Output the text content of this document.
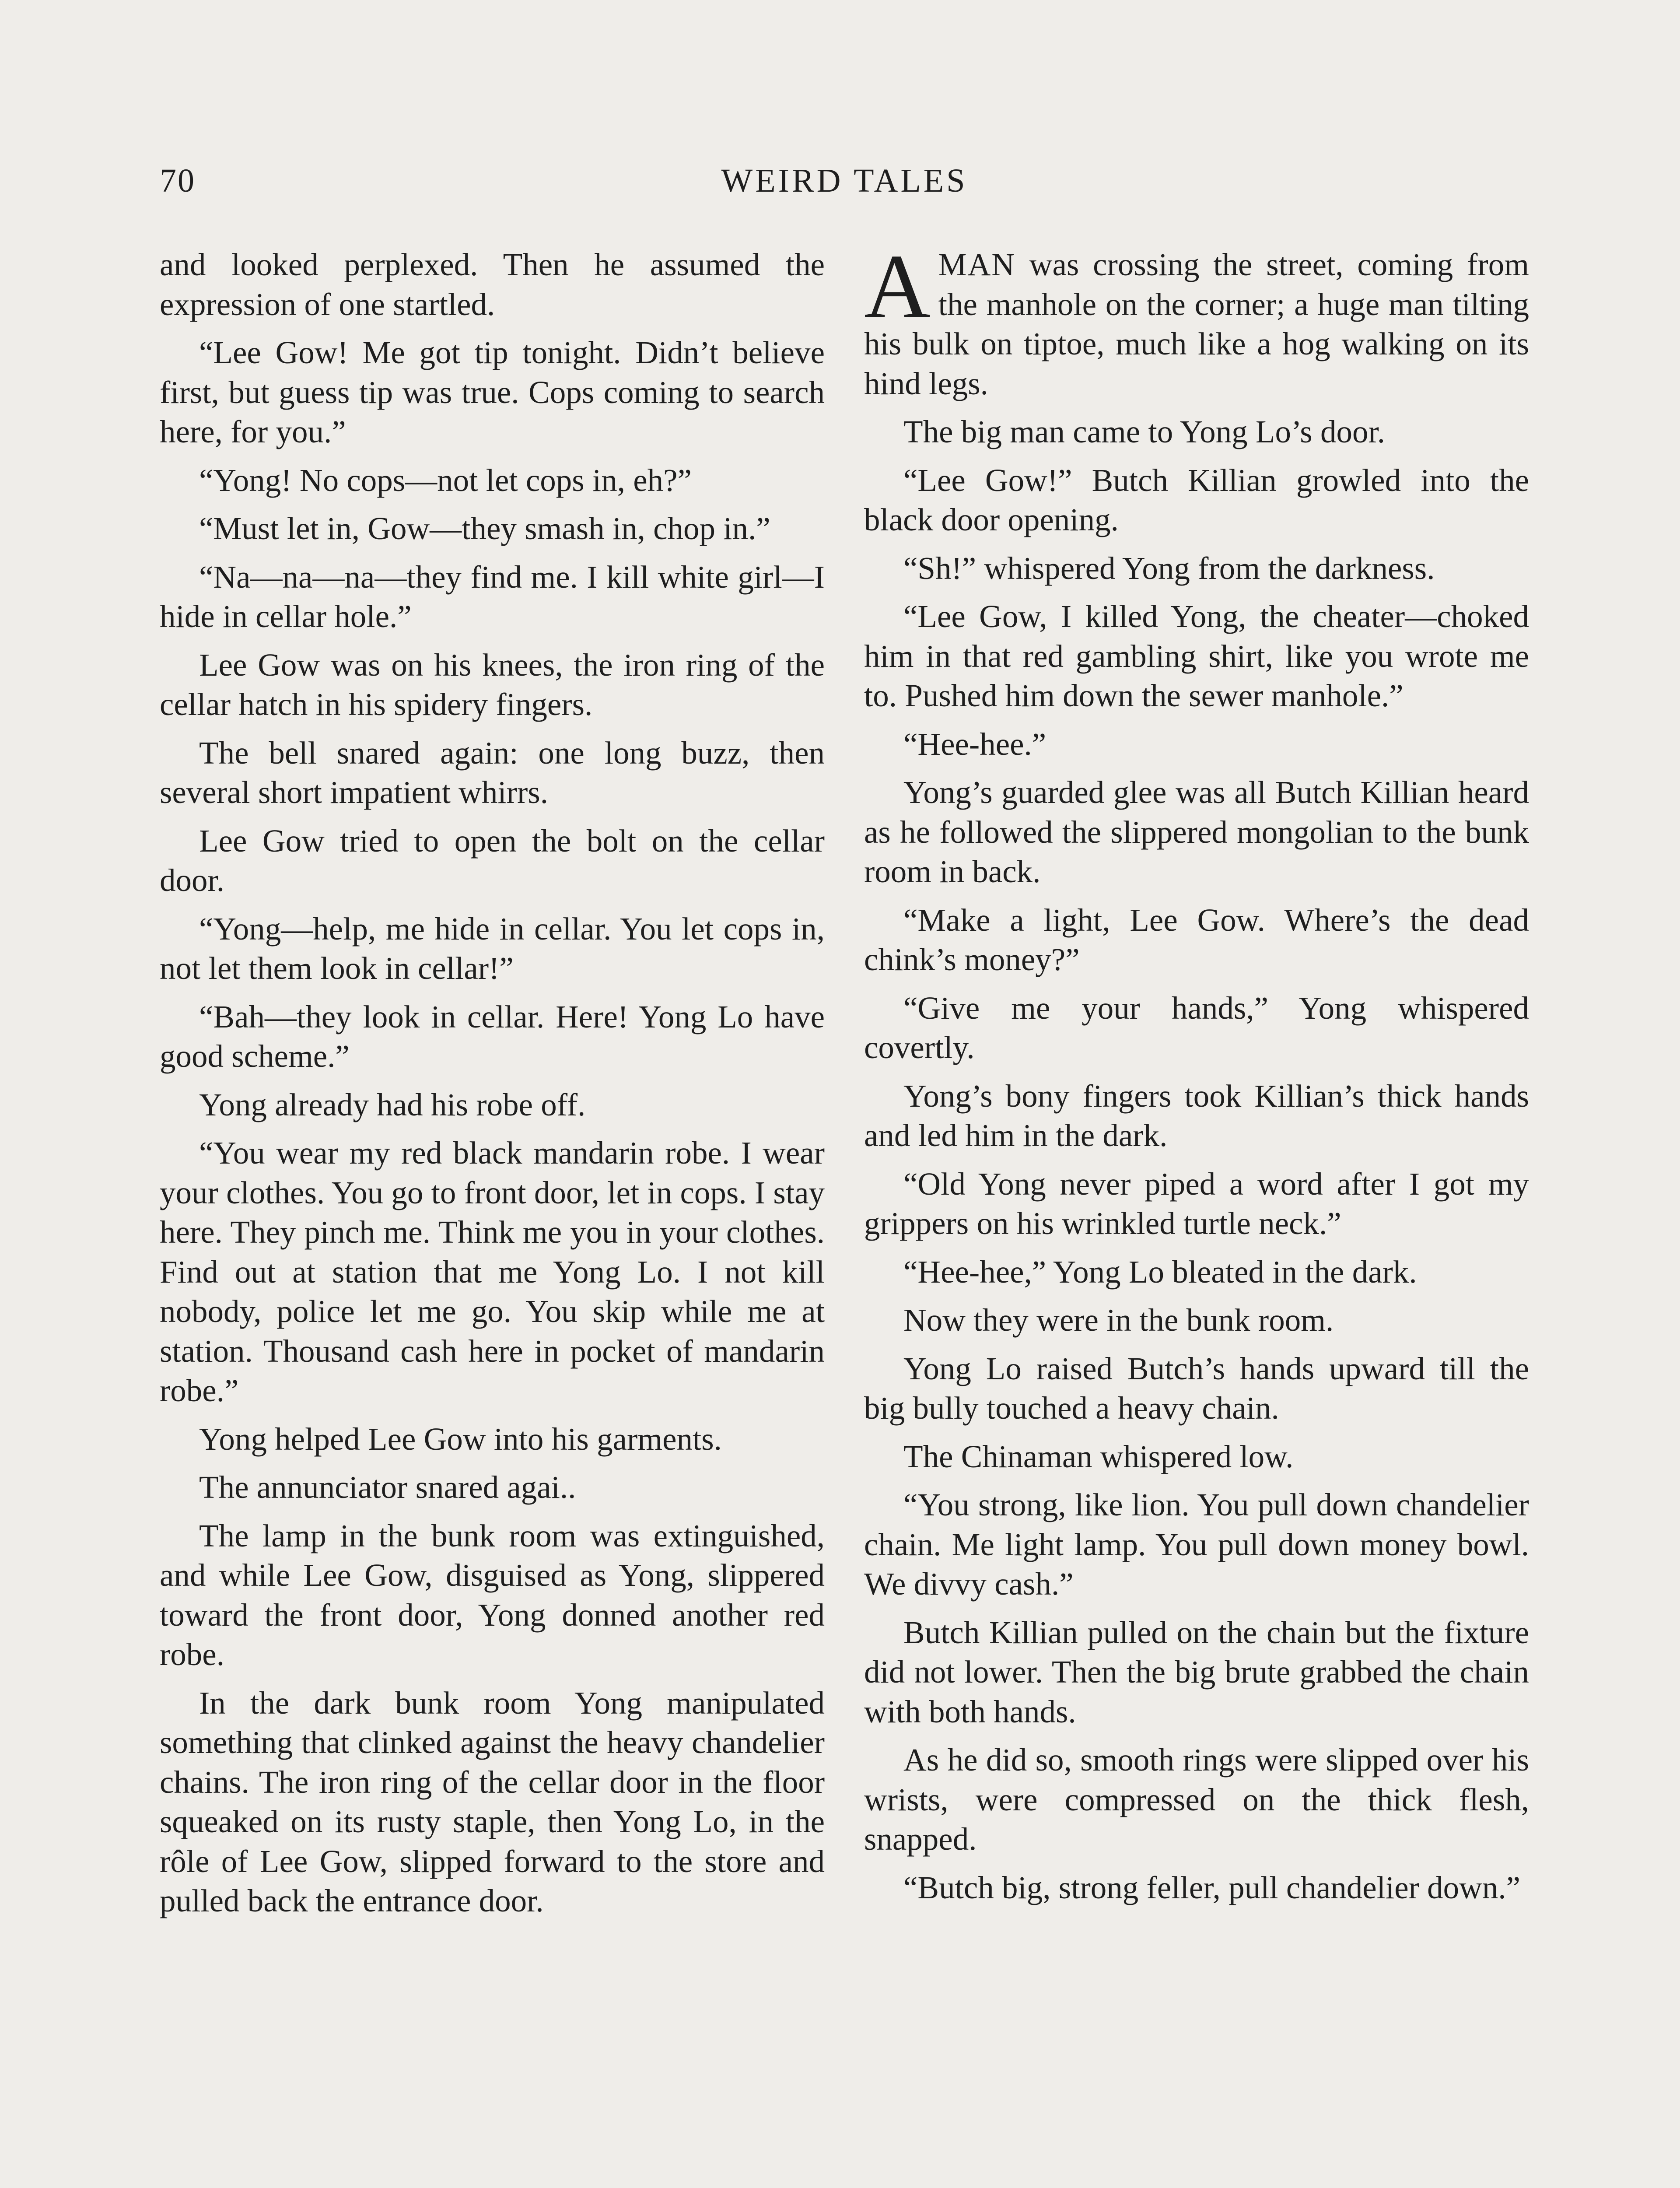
70	WEIRD TALES

and looked perplexed. Then he assumed the expression of one startled.

“Lee Gow! Me got tip tonight. Didn’t believe first, but guess tip was true. Cops coming to search here, for you.”

“Yong! No cops—not let cops in, eh?”

“Must let in, Gow—they smash in, chop in.”

“Na—na—na—they find me. I kill white girl—I hide in cellar hole.”

Lee Gow was on his knees, the iron ring of the cellar hatch in his spidery fingers.

The bell snared again: one long buzz, then several short impatient whirrs.

Lee Gow tried to open the bolt on the cellar door.

“Yong—help, me hide in cellar. You let cops in, not let them look in cellar!”

“Bah—they look in cellar. Here! Yong Lo have good scheme.”

Yong already had his robe off.

“You wear my red black mandarin robe. I wear your clothes. You go to front door, let in cops. I stay here. They pinch me. Think me you in your clothes. Find out at station that me Yong Lo. I not kill nobody, police let me go. You skip while me at station. Thousand cash here in pocket of mandarin robe.”

Yong helped Lee Gow into his garments.

The annunciator snared agai..

The lamp in the bunk room was extinguished, and while Lee Gow, disguised as Yong, slippered toward the front door, Yong donned another red robe.

In the dark bunk room Yong manipulated something that clinked against the heavy chandelier chains. The iron ring of the cellar door in the floor squeaked on its rusty staple, then Yong Lo, in the rôle of Lee Gow, slipped forward to the store and pulled back the entrance door.

AMAN was crossing the street, coming from the manhole on the corner; a huge man tilting his bulk on tiptoe, much like a hog walking on its hind legs.

The big man came to Yong Lo’s door.

“Lee Gow!” Butch Killian growled into the black door opening.

“Sh!” whispered Yong from the darkness.

“Lee Gow, I killed Yong, the cheater—choked him in that red gambling shirt, like you wrote me to. Pushed him down the sewer manhole.”

“Hee-hee.”

Yong’s guarded glee was all Butch Killian heard as he followed the slippered mongolian to the bunk room in back.

“Make a light, Lee Gow. Where’s the dead chink’s money?”

“Give me your hands,” Yong whispered covertly.

Yong’s bony fingers took Killian’s thick hands and led him in the dark.

“Old Yong never piped a word after I got my grippers on his wrinkled turtle neck.”

“Hee-hee,” Yong Lo bleated in the dark.

Now they were in the bunk room.

Yong Lo raised Butch’s hands upward till the big bully touched a heavy chain.

The Chinaman whispered low.

“You strong, like lion. You pull down chandelier chain. Me light lamp. You pull down money bowl. We divvy cash.”

Butch Killian pulled on the chain but the fixture did not lower. Then the big brute grabbed the chain with both hands.

As he did so, smooth rings were slipped over his wrists, were compressed on the thick flesh, snapped.

“Butch big, strong feller, pull chandelier down.”
